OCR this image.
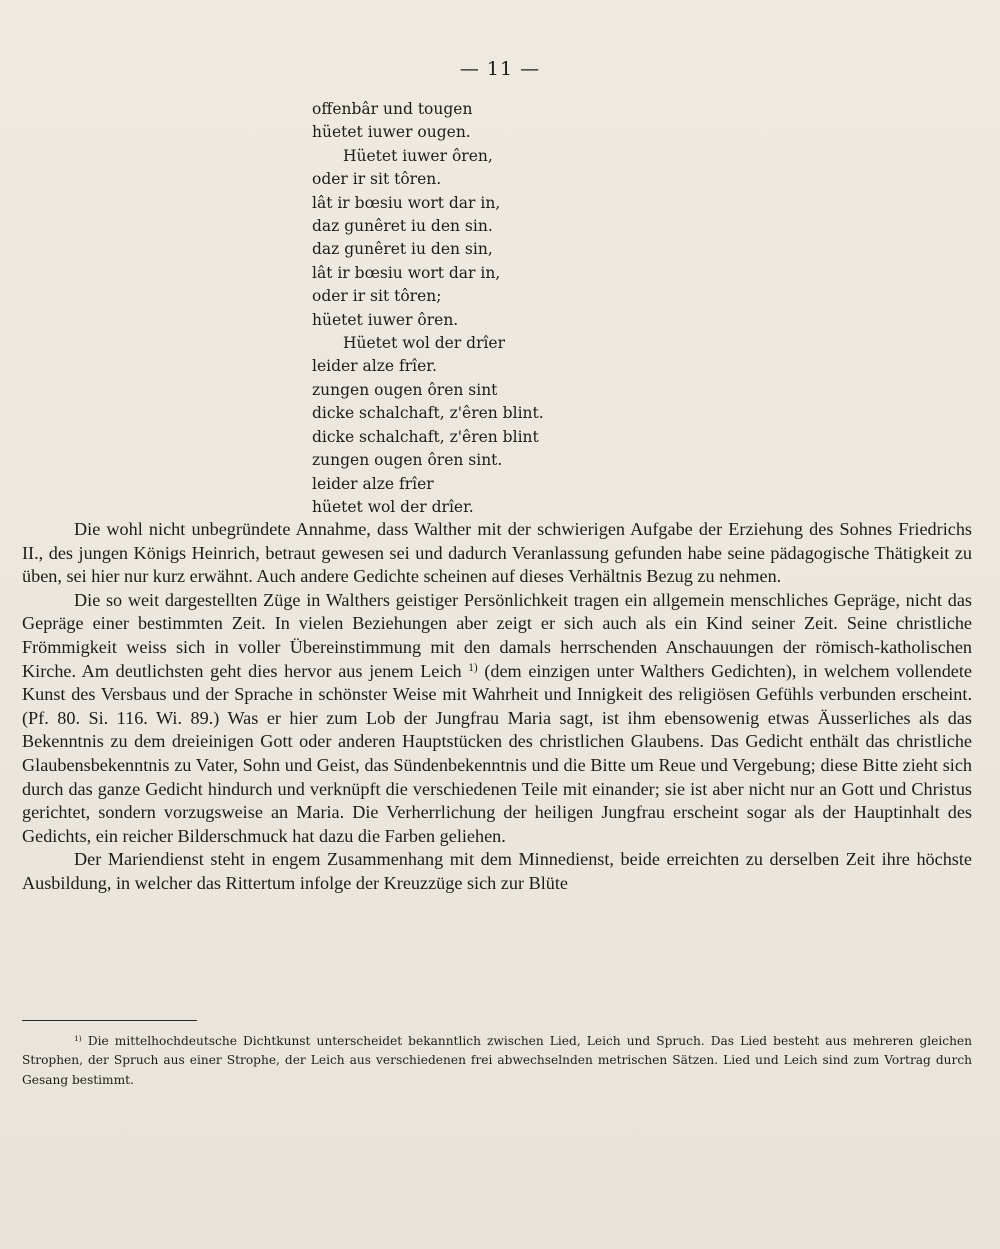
— 11 —
offenbâr und tougen
hüetet iuwer ougen.
Hüetet iuwer ôren,
oder ir sit tôren.
lât ir bœsiu wort dar in,
daz gunêret iu den sin.
daz gunêret iu den sin,
lât ir bœsiu wort dar in,
oder ir sit tôren;
hüetet iuwer ôren.
Hüetet wol der drîer
leider alze frîer.
zungen ougen ôren sint
dicke schalchaft, z'êren blint.
dicke schalchaft, z'êren blint
zungen ougen ôren sint.
leider alze frîer
hüetet wol der drîer.

Die wohl nicht unbegründete Annahme, dass Walther mit der schwierigen Aufgabe der Erziehung des Sohnes Friedrichs II., des jungen Königs Heinrich, betraut gewesen sei und dadurch Veranlassung gefunden habe seine pädagogische Thätigkeit zu üben, sei hier nur kurz erwähnt. Auch andere Gedichte scheinen auf dieses Verhältnis Bezug zu nehmen.

Die so weit dargestellten Züge in Walthers geistiger Persönlichkeit tragen ein allgemein menschliches Gepräge, nicht das Gepräge einer bestimmten Zeit. In vielen Beziehungen aber zeigt er sich auch als ein Kind seiner Zeit. Seine christliche Frömmigkeit weiss sich in voller Übereinstimmung mit den damals herrschenden Anschauungen der römisch-katholischen Kirche. Am deutlichsten geht dies hervor aus jenem Leich $^{1)}$ (dem einzigen unter Walthers Gedichten), in welchem vollendete Kunst des Versbaus und der Sprache in schönster Weise mit Wahrheit und Innigkeit des religiösen Gefühls verbunden erscheint. (Pf. 80. Si. 116. Wi. 89.) Was er hier zum Lob der Jungfrau Maria sagt, ist ihm ebensowenig etwas Äusserliches als das Bekenntnis zu dem dreieinigen Gott oder anderen Hauptstücken des christlichen Glaubens. Das Gedicht enthält das christliche Glaubensbekenntnis zu Vater, Sohn und Geist, das Sündenbekenntnis und die Bitte um Reue und Vergebung; diese Bitte zieht sich durch das ganze Gedicht hindurch und verknüpft die verschiedenen Teile mit einander; sie ist aber nicht nur an Gott und Christus gerichtet, sondern vorzugsweise an Maria. Die Verherrlichung der heiligen Jungfrau erscheint sogar als der Hauptinhalt des Gedichts, ein reicher Bilderschmuck hat dazu die Farben geliehen.

Der Mariendienst steht in engem Zusammenhang mit dem Minnedienst, beide erreichten zu derselben Zeit ihre höchste Ausbildung, in welcher das Rittertum infolge der Kreuzzüge sich zur Blüte

$^{1)}$ Die mittelhochdeutsche Dichtkunst unterscheidet bekanntlich zwischen Lied, Leich und Spruch. Das Lied besteht aus mehreren gleichen Strophen, der Spruch aus einer Strophe, der Leich aus verschiedenen frei abwechselnden metrischen Sätzen. Lied und Leich sind zum Vortrag durch Gesang bestimmt.
